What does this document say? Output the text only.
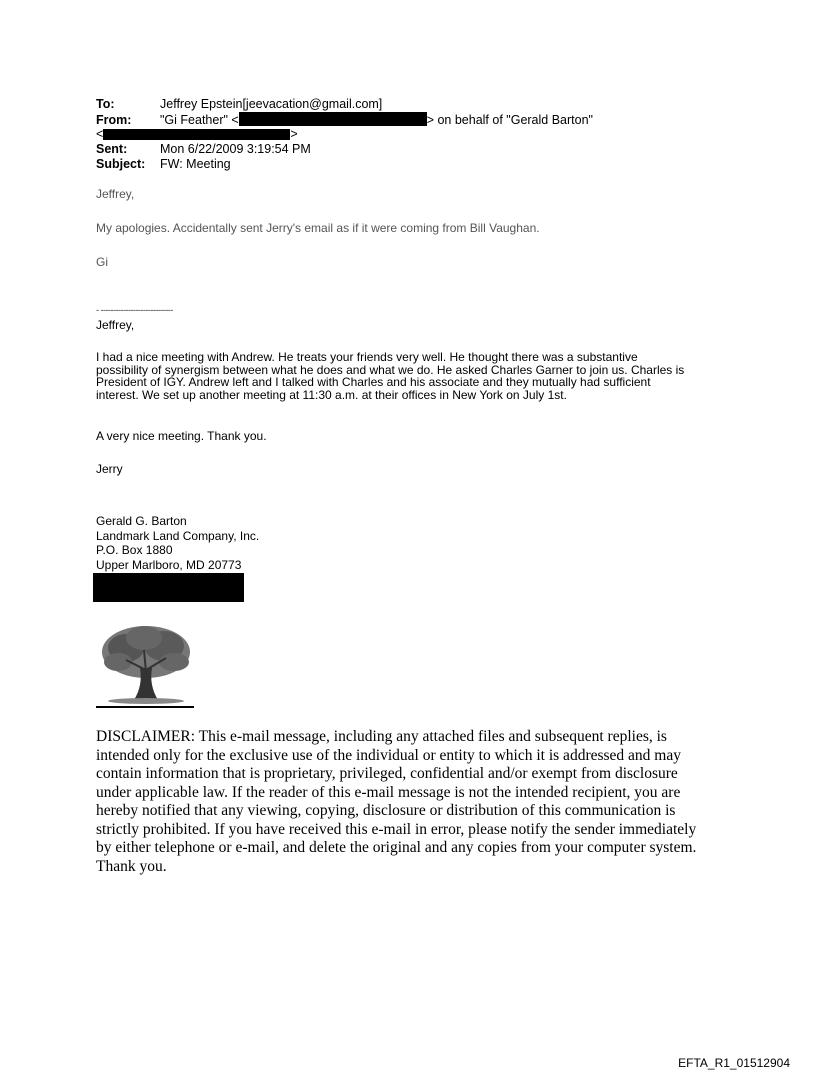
To:	Jeffrey Epstein[jeevacation@gmail.com]
From: "Gi Feather" <	> on behalf of "Gerald Barton"
<	>
Sent:	Mon 6/22/2009 3:19:54 PM
Subject: FW: Meeting
Jeffrey,
My apologies. Accidentally sent Jerry's email as if it were coming from Bill Vaughan.
Gi
- -----------------------------
Jeffrey,
I had a nice meeting with Andrew. He treats your friends very well. He thought there was a substantive
possibility of synergism between what he does and what we do. He asked Charles Garner to join us. Charles is
President of IGY. Andrew left and I talked with Charles and his associate and they mutually had sufficient
interest. We set up another meeting at 11:30 a.m. at their offices in New York on July 1st.
A very nice meeting. Thank you.
Jerry
Gerald G. Barton
Landmark Land Company, Inc.
P.O. Box 1880
Upper Marlboro, MD 20773
DISCLAIMER: This e-mail message, including any attached files and subsequent replies, is
intended only for the exclusive use of the individual or entity to which it is addressed and may
contain information that is proprietary, privileged, confidential and/or exempt from disclosure
under applicable law. If the reader of this e-mail message is not the intended recipient, you are
hereby notified that any viewing, copying, disclosure or distribution of this communication is
strictly prohibited. If you have received this e-mail in error, please notify the sender immediately
by either telephone or e-mail, and delete the original and any copies from your computer system.
Thank you.
EFTA_R1_01512904
